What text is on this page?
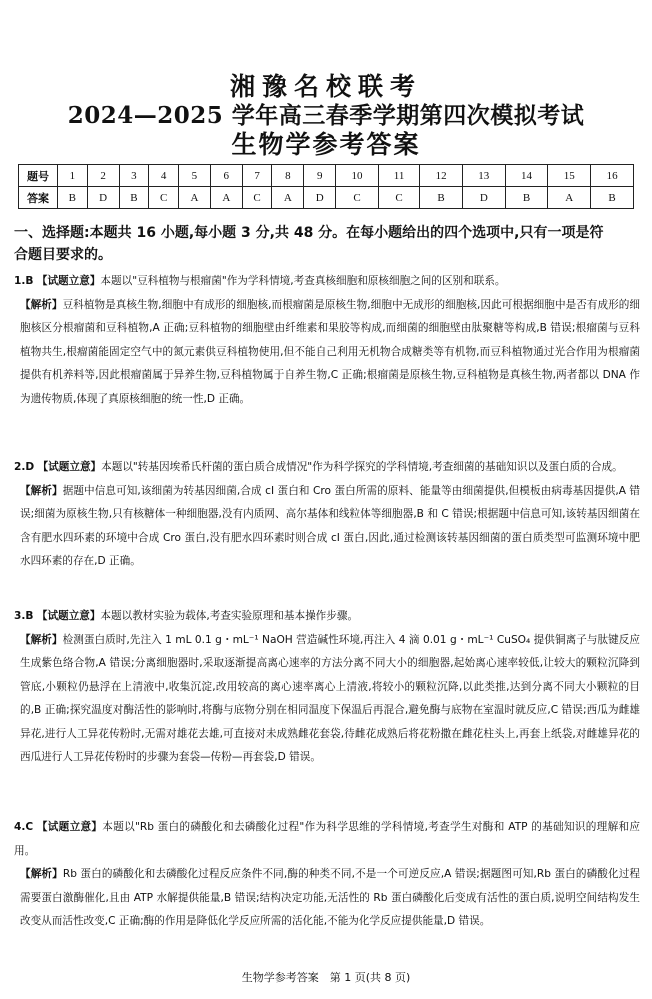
湘豫名校联考
2024—2025 学年高三春季学期第四次模拟考试
生物学参考答案
题号	1	2	3	4	5	6	7	8	9	10	11	12	13	14	15	16
答案	B	D	B	C	A	A	C	A	D	C	C	B	D	B	A	B
一、选择题:本题共 16 小题,每小题 3 分,共 48 分。在每小题给出的四个选项中,只有一项是符
合题目要求的。
1.B 【试题立意】本题以"豆科植物与根瘤菌"作为学科情境,考查真核细胞和原核细胞之间的区别和联系。
【解析】豆科植物是真核生物,细胞中有成形的细胞核,而根瘤菌是原核生物,细胞中无成形的细胞核,因此可根据细胞中是否有成形的细胞核区分根瘤菌和豆科植物,A 正确;豆科植物的细胞壁由纤维素和果胶等构成,而细菌的细胞壁由肽聚糖等构成,B 错误;根瘤菌与豆科植物共生,根瘤菌能固定空气中的氮元素供豆科植物使用,但不能自己利用无机物合成糖类等有机物,而豆科植物通过光合作用为根瘤菌提供有机养料等,因此根瘤菌属于异养生物,豆科植物属于自养生物,C 正确;根瘤菌是原核生物,豆科植物是真核生物,两者都以 DNA 作为遗传物质,体现了真原核细胞的统一性,D 正确。
2.D 【试题立意】本题以"转基因埃希氏杆菌的蛋白质合成情况"作为科学探究的学科情境,考查细菌的基础知识以及蛋白质的合成。
【解析】据题中信息可知,该细菌为转基因细菌,合成 cI 蛋白和 Cro 蛋白所需的原料、能量等由细菌提供,但模板由病毒基因提供,A 错误;细菌为原核生物,只有核糖体一种细胞器,没有内质网、高尔基体和线粒体等细胞器,B 和 C 错误;根据题中信息可知,该转基因细菌在含有肥水四环素的环境中合成 Cro 蛋白,没有肥水四环素时则合成 cI 蛋白,因此,通过检测该转基因细菌的蛋白质类型可监测环境中肥水四环素的存在,D 正确。
3.B 【试题立意】本题以教材实验为载体,考查实验原理和基本操作步骤。
【解析】检测蛋白质时,先注入 1 mL 0.1 g・mL⁻¹ NaOH 营造碱性环境,再注入 4 滴 0.01 g・mL⁻¹ CuSO₄ 提供铜离子与肽键反应生成紫色络合物,A 错误;分离细胞器时,采取逐渐提高离心速率的方法分离不同大小的细胞器,起始离心速率较低,让较大的颗粒沉降到管底,小颗粒仍悬浮在上清液中,收集沉淀,改用较高的离心速率离心上清液,将较小的颗粒沉降,以此类推,达到分离不同大小颗粒的目的,B 正确;探究温度对酶活性的影响时,将酶与底物分别在相同温度下保温后再混合,避免酶与底物在室温时就反应,C 错误;西瓜为雌雄异花,进行人工异花传粉时,无需对雄花去雄,可直接对未成熟雌花套袋,待雌花成熟后将花粉撒在雌花柱头上,再套上纸袋,对雌雄异花的西瓜进行人工异花传粉时的步骤为套袋—传粉—再套袋,D 错误。
4.C 【试题立意】本题以"Rb 蛋白的磷酸化和去磷酸化过程"作为科学思维的学科情境,考查学生对酶和 ATP 的基础知识的理解和应用。
【解析】Rb 蛋白的磷酸化和去磷酸化过程反应条件不同,酶的种类不同,不是一个可逆反应,A 错误;据题图可知,Rb 蛋白的磷酸化过程需要蛋白激酶催化,且由 ATP 水解提供能量,B 错误;结构决定功能,无活性的 Rb 蛋白磷酸化后变成有活性的蛋白质,说明空间结构发生改变从而活性改变,C 正确;酶的作用是降低化学反应所需的活化能,不能为化学反应提供能量,D 错误。
生物学参考答案　第 1 页(共 8 页)
